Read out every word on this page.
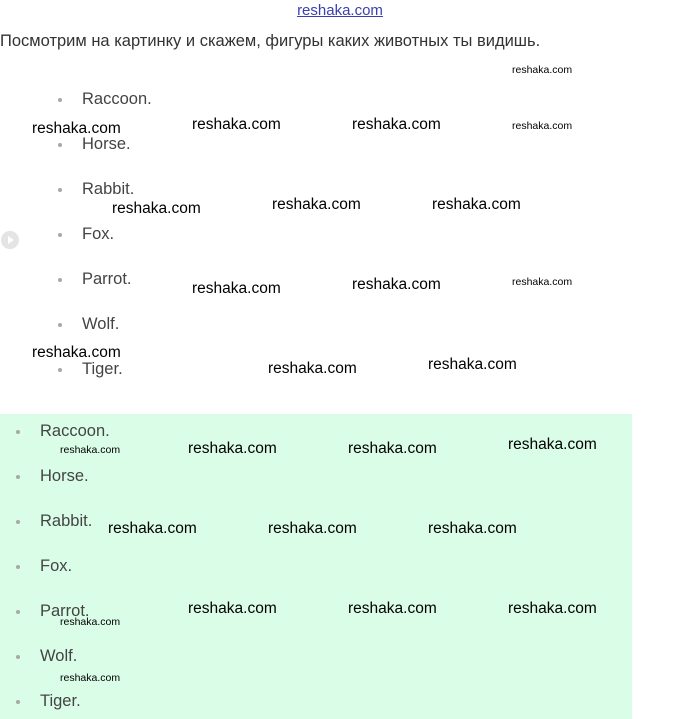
reshaka.com
Посмотрим на картинку и скажем, фигуры каких животных ты видишь.
Raccoon.
Horse.
Rabbit.
Fox.
Parrot.
Wolf.
Tiger.
Raccoon.
Horse.
Rabbit.
Fox.
Parrot.
Wolf.
Tiger.
reshaka.com
reshaka.com	reshaka.com	reshaka.com	reshaka.com
reshaka.com	reshaka.com	reshaka.com
reshaka.com	reshaka.com	reshaka.com
reshaka.com
reshaka.com	reshaka.com
reshaka.com	reshaka.com	reshaka.com	reshaka.com
reshaka.com	reshaka.com	reshaka.com
reshaka.com	reshaka.com	reshaka.com
reshaka.com
reshaka.com
